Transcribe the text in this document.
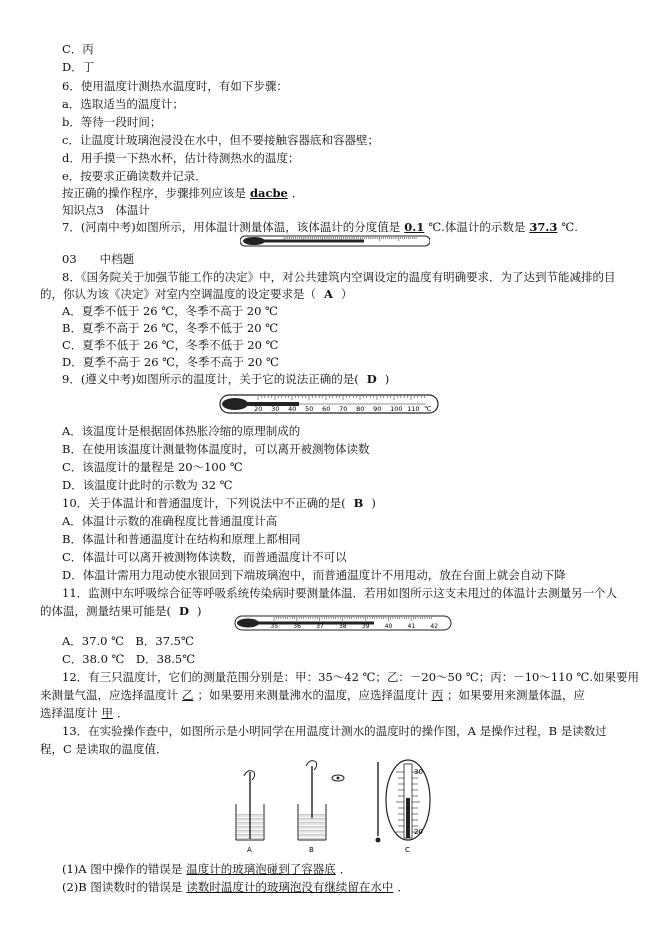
C．丙
D．丁
6．使用温度计测热水温度时，有如下步骤：
a．选取适当的温度计；
b．等待一段时间；
c．让温度计玻璃泡浸没在水中，但不要接触容器底和容器壁；
d．用手摸一下热水杯，估计待测热水的温度；
e．按要求正确读数并记录．
按正确的操作程序，步骤排列应该是 dacbe ．
知识点3　体温计
7．(河南中考)如图所示，用体温计测量体温，该体温计的分度值是 0.1 ℃.体温计的示数是 37.3 ℃.
03　　中档题
8．《国务院关于加强节能工作的决定》中，对公共建筑内空调设定的温度有明确要求．为了达到节能减排的目
的，你认为该《决定》对室内空调温度的设定要求是（ A ）
A．夏季不低于 26 ℃，冬季不高于 20 ℃
B．夏季不高于 26 ℃，冬季不低于 20 ℃
C．夏季不低于 26 ℃，冬季不低于 20 ℃
D．夏季不高于 26 ℃，冬季不高于 20 ℃
9．(遵义中考)如图所示的温度计，关于它的说法正确的是( D )
20 30 40 50 60 70 80 90 100 110 ℃
A．该温度计是根据固体热胀冷缩的原理制成的
B．在使用该温度计测量物体温度时，可以离开被测物体读数
C．该温度计的量程是 20～100 ℃
D．该温度计此时的示数为 32 ℃
10．关于体温计和普通温度计，下列说法中不正确的是( B )
A．体温计示数的准确程度比普通温度计高
B．体温计和普通温度计在结构和原理上都相同
C．体温计可以离开被测物体读数，而普通温度计不可以
D．体温计需用力甩动使水银回到下端玻璃泡中，而普通温度计不用甩动，放在台面上就会自动下降
11．监测中东呼吸综合征等呼吸系统传染病时要测量体温．若用如图所示这支未甩过的体温计去测量另一个人
的体温，测量结果可能是( D )
35	36	37	38	39	40	41	42
A．37.0 ℃　B．37.5℃
C．38.0 ℃　D．38.5℃
12．有三只温度计，它们的测量范围分别是：甲：35～42 ℃；乙：－20～50 ℃；丙：－10～110 ℃.如果要用
来测量气温，应选择温度计 乙 ；如果要用来测量沸水的温度，应选择温度计 丙 ；如果要用来测量体温，应
选择温度计 甲 ．
13．在实验操作查中，如图所示是小明同学在用温度计测水的温度时的操作图，A 是操作过程，B 是读数过
程，C 是读取的温度值．
30
20
A	B	C
(1)A 图中操作的错误是 温度计的玻璃泡碰到了容器底 ．
(2)B 图读数时的错误是 读数时温度计的玻璃泡没有继续留在水中 ．
